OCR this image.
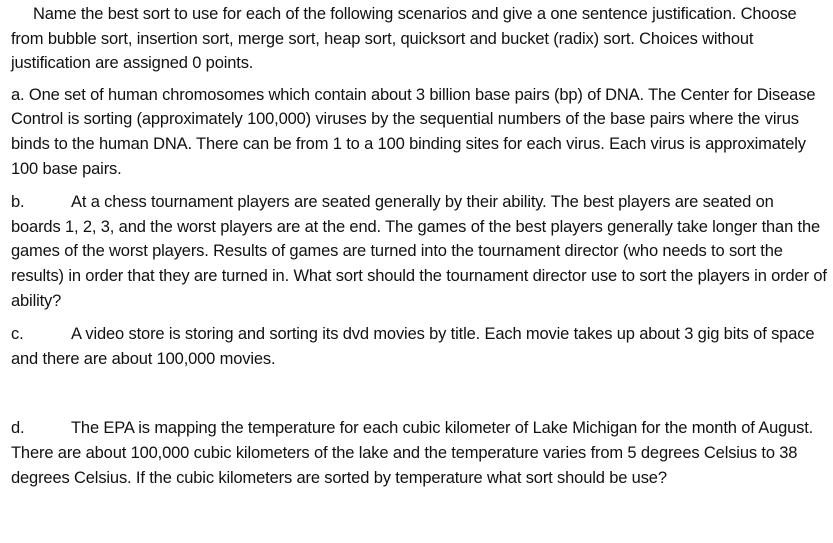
Name the best sort to use for each of the following scenarios and give a one sentence justification. Choose from bubble sort, insertion sort, merge sort, heap sort, quicksort and bucket (radix) sort. Choices without justification are assigned 0 points.

a. One set of human chromosomes which contain about 3 billion base pairs (bp) of DNA. The Center for Disease Control is sorting (approximately 100,000) viruses by the sequential numbers of the base pairs where the virus binds to the human DNA. There can be from 1 to a 100 binding sites for each virus. Each virus is approximately 100 base pairs.

b.	At a chess tournament players are seated generally by their ability. The best players are seated on boards 1, 2, 3, and the worst players are at the end. The games of the best players generally take longer than the games of the worst players. Results of games are turned into the tournament director (who needs to sort the results) in order that they are turned in. What sort should the tournament director use to sort the players in order of ability?

c.	A video store is storing and sorting its dvd movies by title. Each movie takes up about 3 gig bits of space and there are about 100,000 movies.

d.	The EPA is mapping the temperature for each cubic kilometer of Lake Michigan for the month of August. There are about 100,000 cubic kilometers of the lake and the temperature varies from 5 degrees Celsius to 38 degrees Celsius. If the cubic kilometers are sorted by temperature what sort should be use?
